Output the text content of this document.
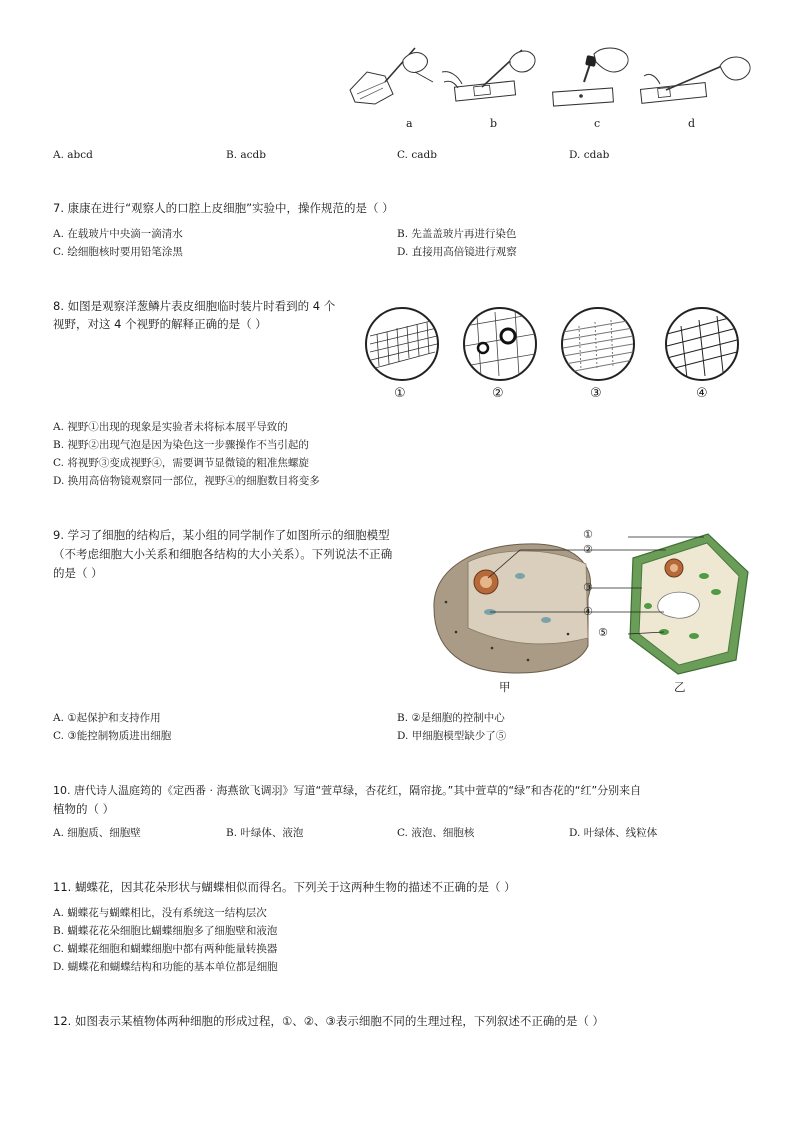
a	b	c	d
A. abcd	B. acdb	C. cadb	D. cdab
7. 康康在进行“观察人的口腔上皮细胞”实验中，操作规范的是（ ）
A. 在载玻片中央滴一滴清水	B. 先盖盖玻片再进行染色
C. 绘细胞核时要用铅笔涂黑	D. 直接用高倍镜进行观察
8. 如图是观察洋葱鳞片表皮细胞临时装片时看到的 4 个
视野，对这 4 个视野的解释正确的是（ ）
①	②	③	④
A. 视野①出现的现象是实验者未将标本展平导致的
B. 视野②出现气泡是因为染色这一步骤操作不当引起的
C. 将视野③变成视野④，需要调节显微镜的粗准焦螺旋
D. 换用高倍物镜观察同一部位，视野④的细胞数目将变多
9. 学习了细胞的结构后，某小组的同学制作了如图所示的细胞模型
（不考虑细胞大小关系和细胞各结构的大小关系）。下列说法不正确
的是（ ）
①
②
③
④
⑤
甲	乙
A. ①起保护和支持作用	B. ②是细胞的控制中心
C. ③能控制物质进出细胞	D. 甲细胞模型缺少了⑤
10. 唐代诗人温庭筠的《定西番 · 海燕欲飞调羽》写道“萱草绿，杏花红，隔帘拢。”其中萱草的“绿”和杏花的“红”分别来自
植物的（ ）
A. 细胞质、细胞壁	B. 叶绿体、液泡	C. 液泡、细胞核	D. 叶绿体、线粒体
11. 蝴蝶花，因其花朵形状与蝴蝶相似而得名。下列关于这两种生物的描述不正确的是（ ）
A. 蝴蝶花与蝴蝶相比，没有系统这一结构层次
B. 蝴蝶花花朵细胞比蝴蝶细胞多了细胞壁和液泡
C. 蝴蝶花细胞和蝴蝶细胞中都有两种能量转换器
D. 蝴蝶花和蝴蝶结构和功能的基本单位都是细胞
12. 如图表示某植物体两种细胞的形成过程，①、②、③表示细胞不同的生理过程，下列叙述不正确的是（ ）
